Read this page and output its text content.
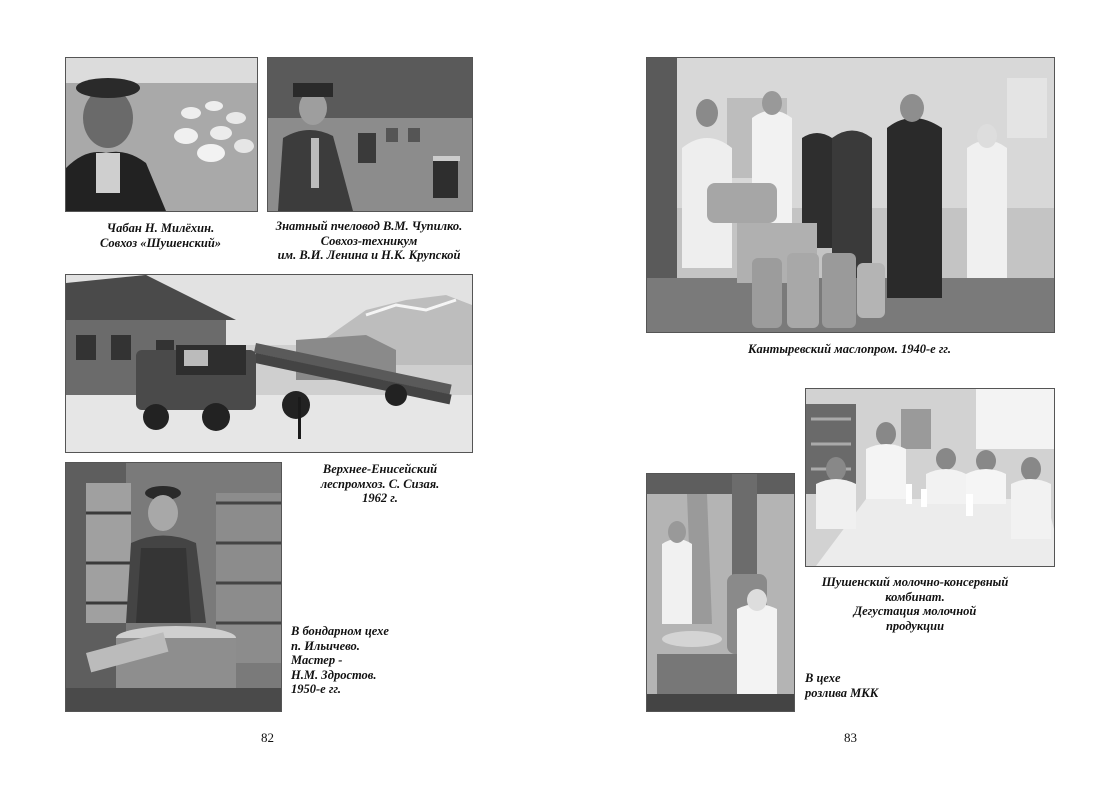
Чабан Н. Милёхин.
Совхоз «Шушенский»
Знатный пчеловод В.М. Чупилко.
Совхоз-техникум
им. В.И. Ленина и Н.К. Крупской
Верхнее-Енисейский
леспромхоз. С. Сизая.
1962 г.
В бондарном цехе
п. Ильичево.
Мастер -
Н.М. Здростов.
1950-е гг.
82
Кантыревский маслопром. 1940-е гг.
Шушенский молочно-консервный
комбинат.
Дегустация молочной
продукции
В цехе
розлива МКК
83
